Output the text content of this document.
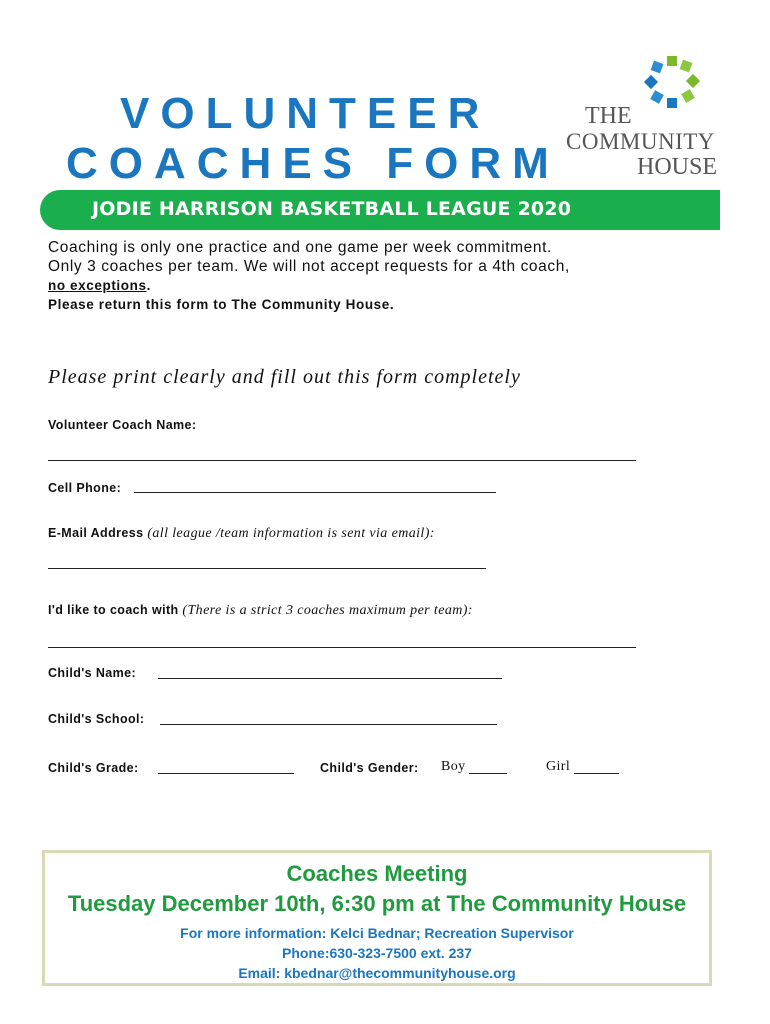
VOLUNTEER
COACHES FORM
THE
COMMUNITY
HOUSE
JODIE HARRISON BASKETBALL LEAGUE 2020
Coaching is only one practice and one game per week commitment.
Only 3 coaches per team. We will not accept requests for a 4th coach,
no exceptions.
Please return this form to The Community House.
Please print clearly and fill out this form completely
Volunteer Coach Name:
Cell Phone:
E-Mail Address (all league /team information is sent via email):
I'd like to coach with (There is a strict 3 coaches maximum per team):
Child's Name:
Child's School:
Child's Grade:	Child's Gender: Boy	Girl
Coaches Meeting
Tuesday December 10th, 6:30 pm at The Community House
For more information: Kelci Bednar; Recreation Supervisor
Phone:630-323-7500 ext. 237
Email: kbednar@thecommunityhouse.org
